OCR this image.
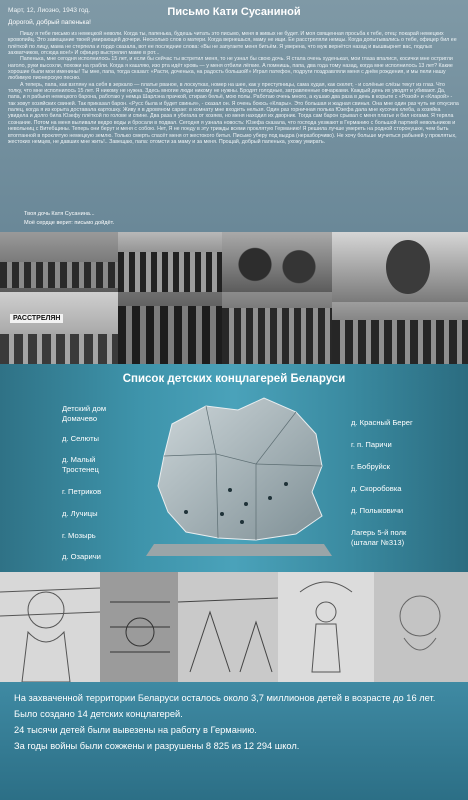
Март, 12, Лиозно, 1943 год.
Дорогой, добрый папенька!
Письмо Кати Сусаниной

Пишу я тебе письмо из немецкой неволи. Когда ты, папенька, будешь читать это письмо, меня в живых не будет. И моя священная просьба к тебе, отец: покарай немецких кровопийц. Это завещание твоей умирающей дочери. Несколько слов о матери. Когда вернешься, маму не ищи. Ее расстреляли немцы. Когда допытывались о тебе, офицер бил ее плёткой по лицу, мама не стерпела и гордо сказала, вот ее последние слова: «Вы не запугаете меня битьём. Я уверена, что муж вернётся назад и вышвырнет вас, подлых захватчиков, отсюда вон!» И офицер выстрелил маме в рот...

Папенька, мне сегодня исполнилось 15 лет, и если бы сейчас ты встретил меня, то не узнал бы свою дочь. Я стала очень худенькая, мои глаза впалися, косички мне остригли наголо, руки высохли, похожи на грабли. Когда я кашляю, изо рта идёт кровь — у меня отбили лёгкие. А помнишь, папа, два года тому назад, когда мне исполнилось 13 лет? Какие хорошие были мои именины! Ты мне, папа, тогда сказал: «Расти, доченька, на радость большой!» Играл патефон, подруги поздравляли меня с днём рождения, и мы пели нашу любимую пионерскую песню.

А теперь, папа, как взгляну на себя в зеркало — платье рваное, в лоскутках, номер на шее, как у преступницы, сама худая, как скелет, - и солёные слёзы текут из глаз. Что толку, что мне исполнилось 15 лет. Я никому не нужна. Здесь многие люди никому не нужны. Бродят голодные, затравленные овчарками. Каждый день их уводят и убивают. Да, папа, и я рабыня немецкого барона, работаю у немца Шарлэна прачкой, стираю бельё, мою полы. Работаю очень много, а кушаю два раза в день в корыте с «Розой» и «Кларой» - так зовут хозяйских свиней. Так приказал барон. «Русс была и будет свинья», - сказал он. Я очень боюсь «Клары». Это большая и жадная свинья. Она мне один раз чуть не откусила палец, когда я из корыта доставала картошку. Живу я в дровяном сарае: в комнату мне входить нельзя. Один раз горничная полька Юзефа дала мне кусочек хлеба, а хозяйка увидела и долго била Юзефу плёткой по голове и спине. Два раза я убегала от хозяев, но меня находил их дворник. Тогда сам барон срывал с меня платье и бил ногами. Я теряла сознание. Потом на меня выливали ведро воды и бросали в подвал. Сегодня я узнала новость: Юзефа сказала, что господа уезжают в Германию с большой партией невольников и невольниц с Витебщины. Теперь они берут и меня с собою. Нет, Я не поеду в эту трижды всеми проклятую Германию! Я решила лучше умереть на родной сторонушке, чем быть втоптанной в проклятую немецкую землю. Только смерть спасёт меня от жестокого битья. Письмо уберу под выдра (неразборчиво). Не хочу больше мучиться рабыней у проклятых, жестоких немцев, не давших мне жить!.. Завещаю, папа: отомсти за маму и за меня. Прощай, добрый папенька, ухожу умирать.

Твоя дочь Катя Сусанина...
Моё сердце верит: письмо дойдёт.
РАССТРЕЛЯН
Список детских концлагерей Беларуси
Детский дом Домачево
д. Селюты
д. Малый Тростенец
г. Петриков
д. Лучицы
г. Мозырь
д. Озаричи
д. Красный Берег
г. п. Паричи
г. Бобруйск
д. Скоробовка
д. Полыковичи
Лагерь 5-й полк (шталаг №313)
На захваченной территории Беларуси осталось около 3,7 миллионов детей в возрасте до 16 лет.
Было создано 14 детских концлагерей.
24 тысячи детей были вывезены на работу в Германию.
За годы войны были сожжены и разрушены 8 825 из 12 294 школ.
